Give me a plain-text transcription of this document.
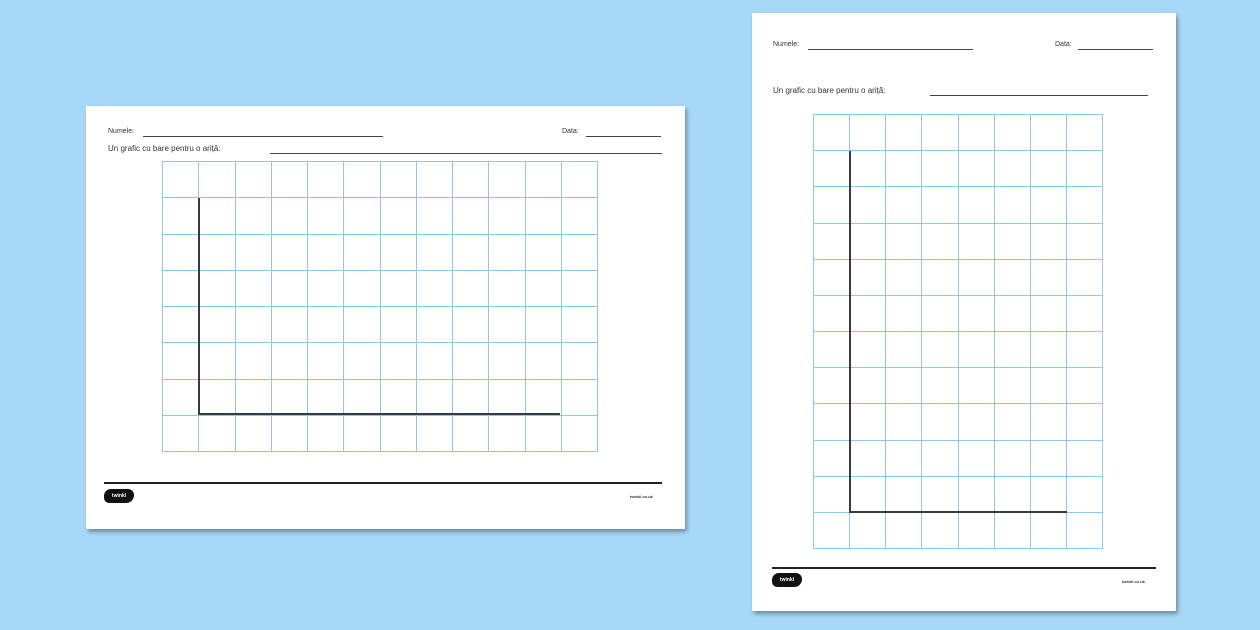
Numele:	Data:
Un grafic cu bare pentru o ariță:
twinkl	twinkl.co.uk
Numele:	Data:
Un grafic cu bare pentru o ariță:
twinkl	twinkl.co.uk
